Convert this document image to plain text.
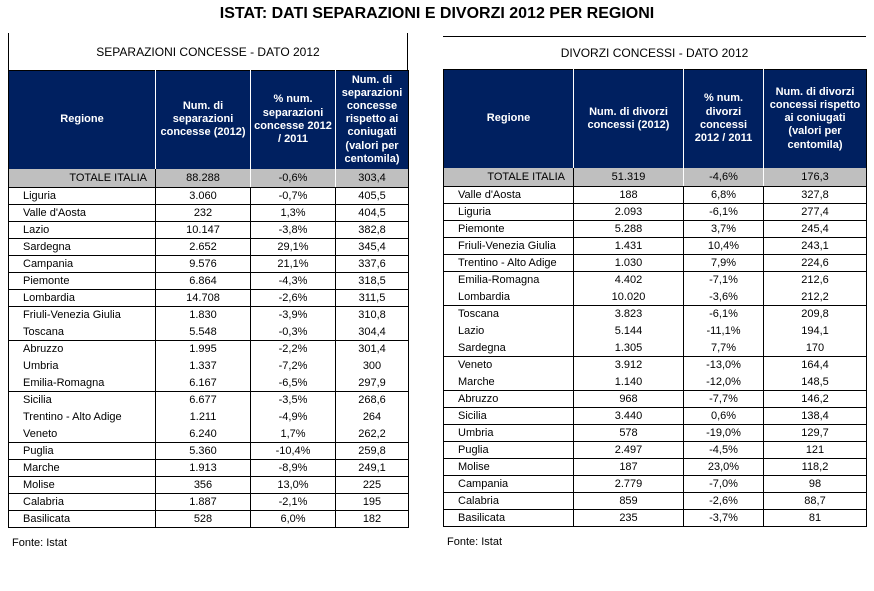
ISTAT: DATI SEPARAZIONI E DIVORZI 2012 PER REGIONI
SEPARAZIONI CONCESSE - DATO 2012
Regione	Num. di separazioni concesse (2012)	% num. separazioni concesse 2012 / 2011	Num. di separazioni concesse rispetto ai coniugati (valori per centomila)
TOTALE ITALIA	88.288	-0,6%	303,4
Liguria	3.060	-0,7%	405,5
Valle d'Aosta	232	1,3%	404,5
Lazio	10.147	-3,8%	382,8
Sardegna	2.652	29,1%	345,4
Campania	9.576	21,1%	337,6
Piemonte	6.864	-4,3%	318,5
Lombardia	14.708	-2,6%	311,5
Friuli-Venezia Giulia	1.830	-3,9%	310,8
Toscana	5.548	-0,3%	304,4
Abruzzo	1.995	-2,2%	301,4
Umbria	1.337	-7,2%	300
Emilia-Romagna	6.167	-6,5%	297,9
Sicilia	6.677	-3,5%	268,6
Trentino - Alto Adige	1.211	-4,9%	264
Veneto	6.240	1,7%	262,2
Puglia	5.360	-10,4%	259,8
Marche	1.913	-8,9%	249,1
Molise	356	13,0%	225
Calabria	1.887	-2,1%	195
Basilicata	528	6,0%	182
Fonte: Istat
DIVORZI CONCESSI - DATO 2012
Regione	Num. di divorzi concessi (2012)	% num. divorzi concessi 2012 / 2011	Num. di divorzi concessi rispetto ai coniugati (valori per centomila)
TOTALE ITALIA	51.319	-4,6%	176,3
Valle d'Aosta	188	6,8%	327,8
Liguria	2.093	-6,1%	277,4
Piemonte	5.288	3,7%	245,4
Friuli-Venezia Giulia	1.431	10,4%	243,1
Trentino - Alto Adige	1.030	7,9%	224,6
Emilia-Romagna	4.402	-7,1%	212,6
Lombardia	10.020	-3,6%	212,2
Toscana	3.823	-6,1%	209,8
Lazio	5.144	-11,1%	194,1
Sardegna	1.305	7,7%	170
Veneto	3.912	-13,0%	164,4
Marche	1.140	-12,0%	148,5
Abruzzo	968	-7,7%	146,2
Sicilia	3.440	0,6%	138,4
Umbria	578	-19,0%	129,7
Puglia	2.497	-4,5%	121
Molise	187	23,0%	118,2
Campania	2.779	-7,0%	98
Calabria	859	-2,6%	88,7
Basilicata	235	-3,7%	81
Fonte: Istat
